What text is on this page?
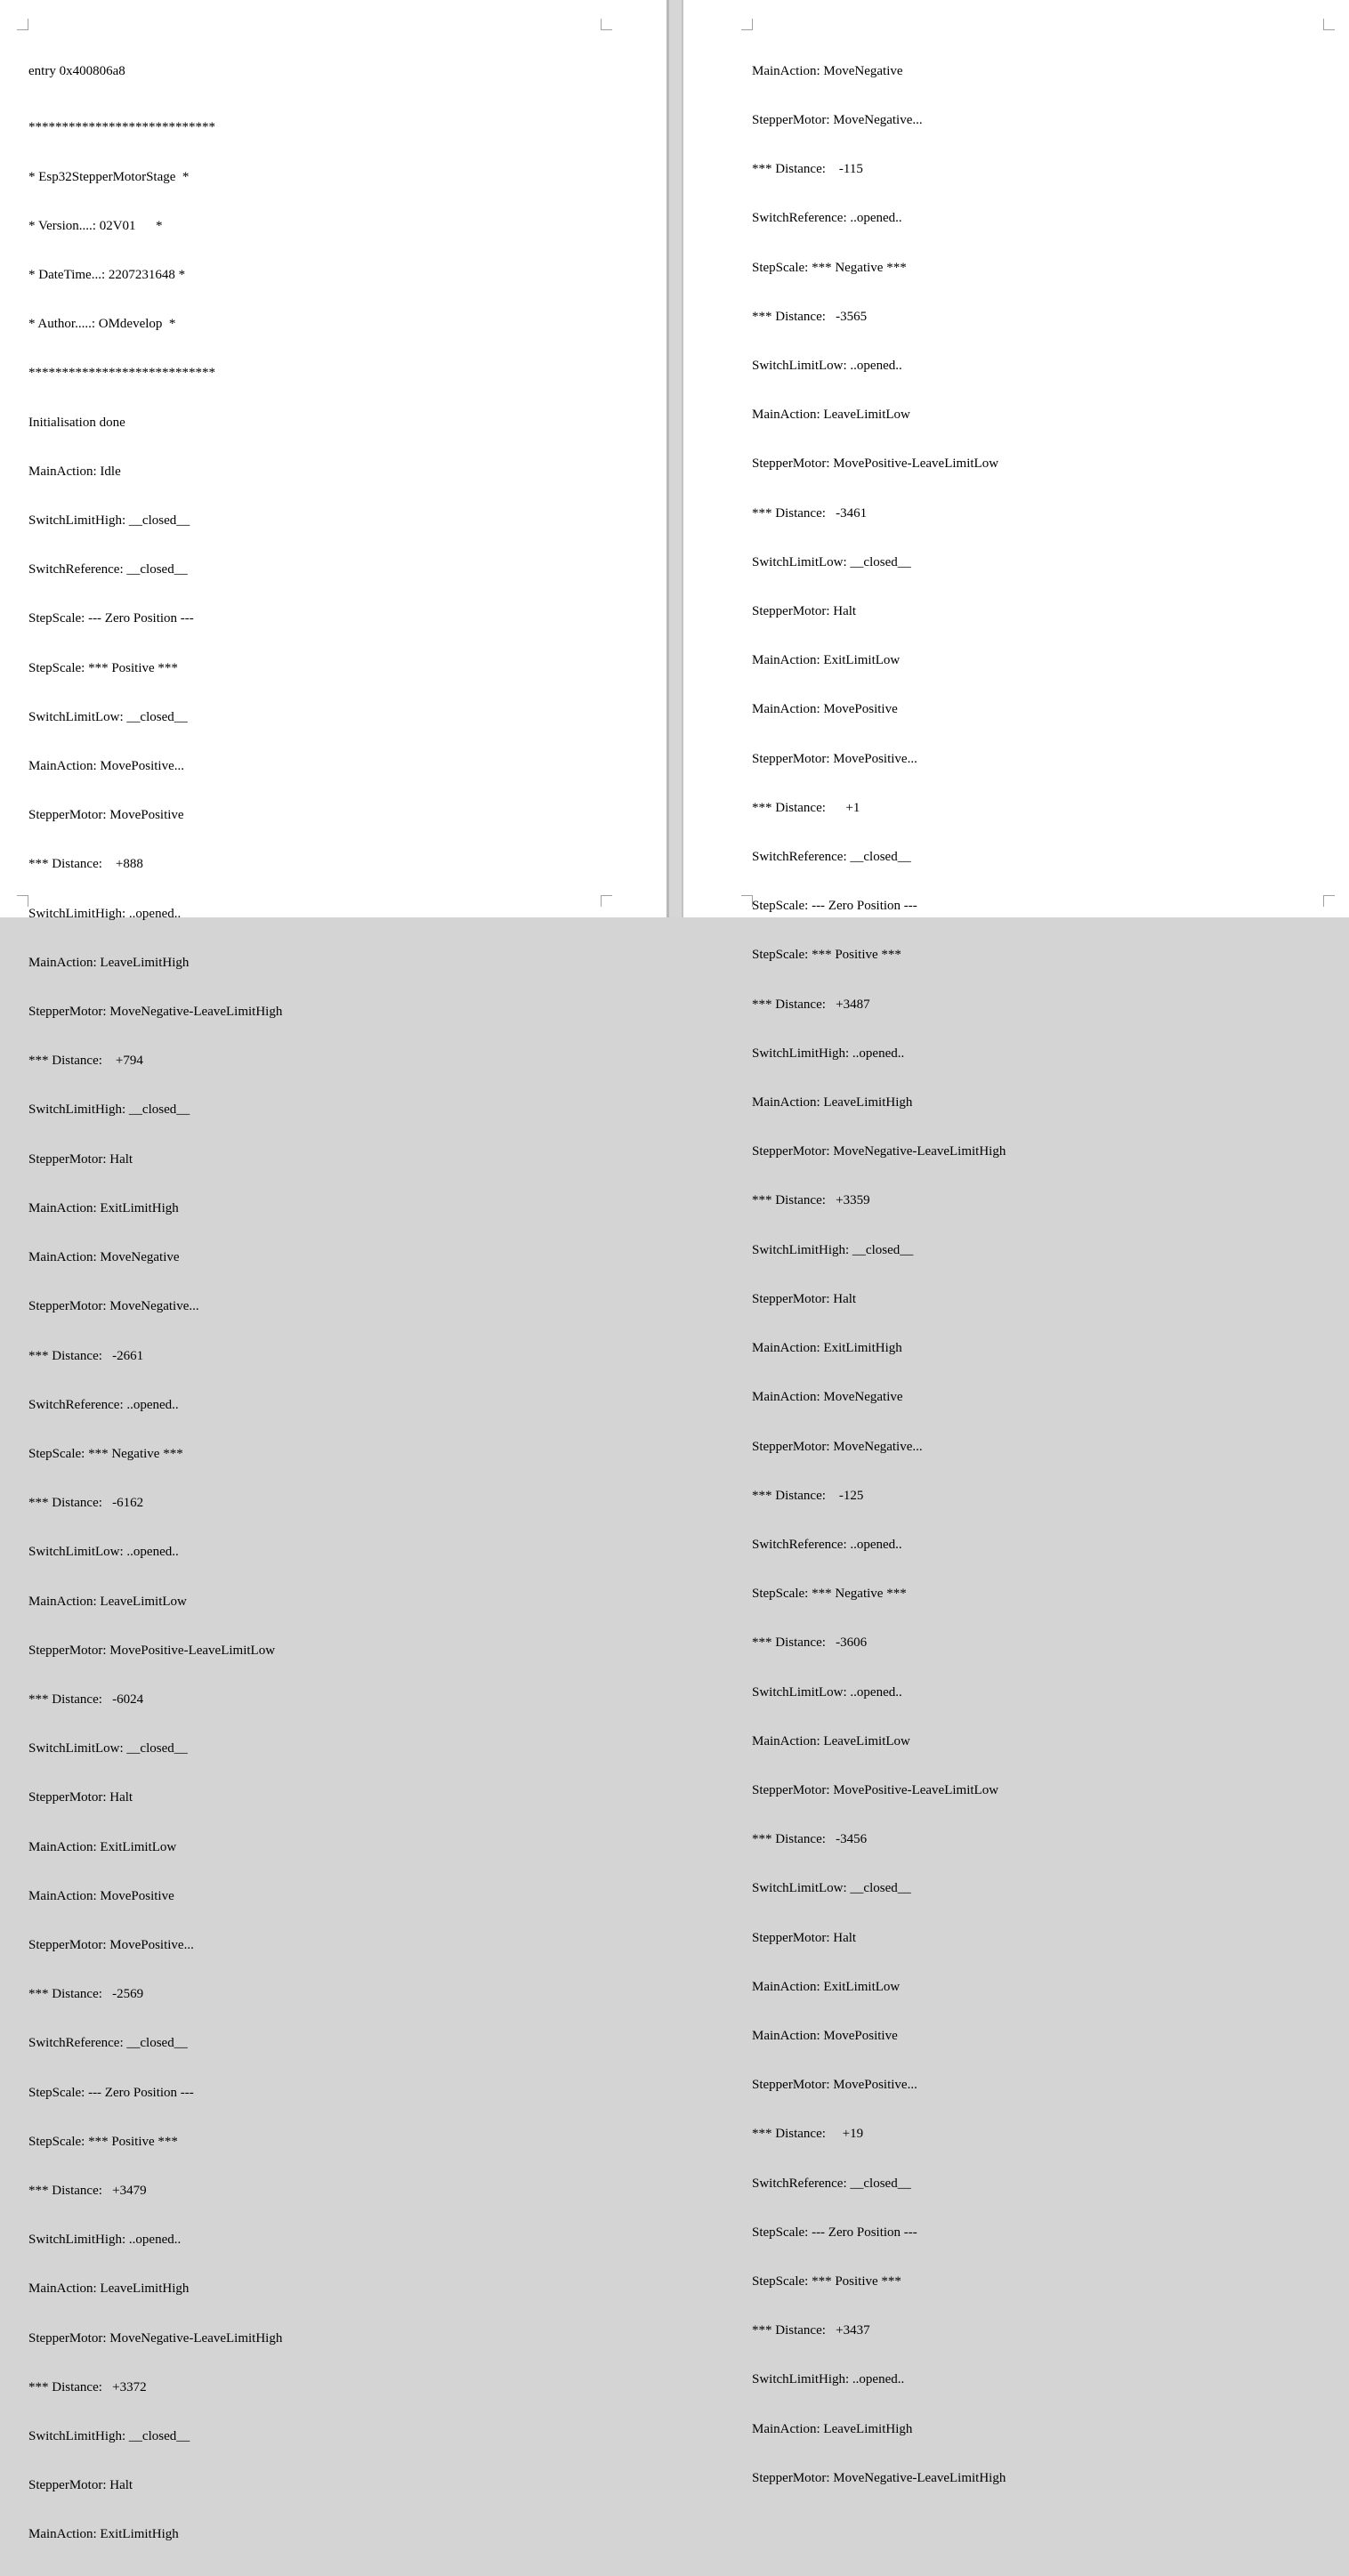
entry 0x400806a8

****************************

* Esp32StepperMotorStage  *

* Version....: 02V01      *

* DateTime...: 2207231648 *

* Author.....: OMdevelop  *

****************************

Initialisation done

MainAction: Idle

SwitchLimitHigh: __closed__

SwitchReference: __closed__

StepScale: --- Zero Position ---

StepScale: *** Positive ***

SwitchLimitLow: __closed__

MainAction: MovePositive...

StepperMotor: MovePositive

*** Distance:    +888

SwitchLimitHigh: ..opened..

MainAction: LeaveLimitHigh

StepperMotor: MoveNegative-LeaveLimitHigh

*** Distance:    +794

SwitchLimitHigh: __closed__

StepperMotor: Halt

MainAction: ExitLimitHigh

MainAction: MoveNegative

StepperMotor: MoveNegative...

*** Distance:   -2661

SwitchReference: ..opened..

StepScale: *** Negative ***

*** Distance:   -6162

SwitchLimitLow: ..opened..

MainAction: LeaveLimitLow

StepperMotor: MovePositive-LeaveLimitLow

*** Distance:   -6024

SwitchLimitLow: __closed__

StepperMotor: Halt

MainAction: ExitLimitLow

MainAction: MovePositive

StepperMotor: MovePositive...

*** Distance:   -2569

SwitchReference: __closed__

StepScale: --- Zero Position ---

StepScale: *** Positive ***

*** Distance:   +3479

SwitchLimitHigh: ..opened..

MainAction: LeaveLimitHigh

StepperMotor: MoveNegative-LeaveLimitHigh

*** Distance:   +3372

SwitchLimitHigh: __closed__

StepperMotor: Halt

MainAction: ExitLimitHigh

MainAction: MoveNegative

StepperMotor: MoveNegative...

*** Distance:    -115

SwitchReference: ..opened..

StepScale: *** Negative ***

*** Distance:   -3565

SwitchLimitLow: ..opened..

MainAction: LeaveLimitLow

StepperMotor: MovePositive-LeaveLimitLow

*** Distance:   -3461

SwitchLimitLow: __closed__

StepperMotor: Halt

MainAction: ExitLimitLow

MainAction: MovePositive

StepperMotor: MovePositive...

*** Distance:      +1

SwitchReference: __closed__

StepScale: --- Zero Position ---

StepScale: *** Positive ***

*** Distance:   +3487

SwitchLimitHigh: ..opened..

MainAction: LeaveLimitHigh

StepperMotor: MoveNegative-LeaveLimitHigh

*** Distance:   +3359

SwitchLimitHigh: __closed__

StepperMotor: Halt

MainAction: ExitLimitHigh

MainAction: MoveNegative

StepperMotor: MoveNegative...

*** Distance:    -125

SwitchReference: ..opened..

StepScale: *** Negative ***

*** Distance:   -3606

SwitchLimitLow: ..opened..

MainAction: LeaveLimitLow

StepperMotor: MovePositive-LeaveLimitLow

*** Distance:   -3456

SwitchLimitLow: __closed__

StepperMotor: Halt

MainAction: ExitLimitLow

MainAction: MovePositive

StepperMotor: MovePositive...

*** Distance:     +19

SwitchReference: __closed__

StepScale: --- Zero Position ---

StepScale: *** Positive ***

*** Distance:   +3437

SwitchLimitHigh: ..opened..

MainAction: LeaveLimitHigh

StepperMotor: MoveNegative-LeaveLimitHigh
